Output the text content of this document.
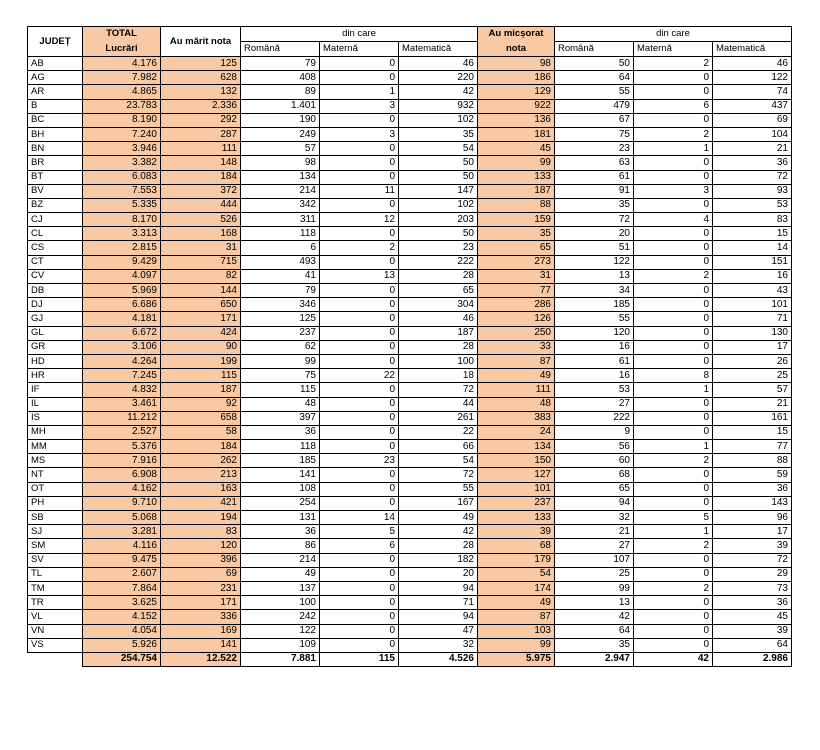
JUDEȚ	TOTAL	Au mărit nota	din care			Au micșorat	din care		
	Lucrări		Română	Maternă	Matematică	nota	Română	Maternă	Matematică
AB	4.176	125	79	0	46	98	50	2	46
AG	7.982	628	408	0	220	186	64	0	122
AR	4.865	132	89	1	42	129	55	0	74
B	23.783	2.336	1.401	3	932	922	479	6	437
BC	8.190	292	190	0	102	136	67	0	69
BH	7.240	287	249	3	35	181	75	2	104
BN	3.946	111	57	0	54	45	23	1	21
BR	3.382	148	98	0	50	99	63	0	36
BT	6.083	184	134	0	50	133	61	0	72
BV	7.553	372	214	11	147	187	91	3	93
BZ	5.335	444	342	0	102	88	35	0	53
CJ	8.170	526	311	12	203	159	72	4	83
CL	3.313	168	118	0	50	35	20	0	15
CS	2.815	31	6	2	23	65	51	0	14
CT	9.429	715	493	0	222	273	122	0	151
CV	4.097	82	41	13	28	31	13	2	16
DB	5.969	144	79	0	65	77	34	0	43
DJ	6.686	650	346	0	304	286	185	0	101
GJ	4.181	171	125	0	46	126	55	0	71
GL	6.672	424	237	0	187	250	120	0	130
GR	3.106	90	62	0	28	33	16	0	17
HD	4.264	199	99	0	100	87	61	0	26
HR	7.245	115	75	22	18	49	16	8	25
IF	4.832	187	115	0	72	111	53	1	57
IL	3.461	92	48	0	44	48	27	0	21
IS	11.212	658	397	0	261	383	222	0	161
MH	2.527	58	36	0	22	24	9	0	15
MM	5.376	184	118	0	66	134	56	1	77
MS	7.916	262	185	23	54	150	60	2	88
NT	6.908	213	141	0	72	127	68	0	59
OT	4.162	163	108	0	55	101	65	0	36
PH	9.710	421	254	0	167	237	94	0	143
SB	5.068	194	131	14	49	133	32	5	96
SJ	3.281	83	36	5	42	39	21	1	17
SM	4.116	120	86	6	28	68	27	2	39
SV	9.475	396	214	0	182	179	107	0	72
TL	2.607	69	49	0	20	54	25	0	29
TM	7.864	231	137	0	94	174	99	2	73
TR	3.625	171	100	0	71	49	13	0	36
VL	4.152	336	242	0	94	87	42	0	45
VN	4.054	169	122	0	47	103	64	0	39
VS	5.926	141	109	0	32	99	35	0	64
	254.754	12.522	7.881	115	4.526	5.975	2.947	42	2.986
